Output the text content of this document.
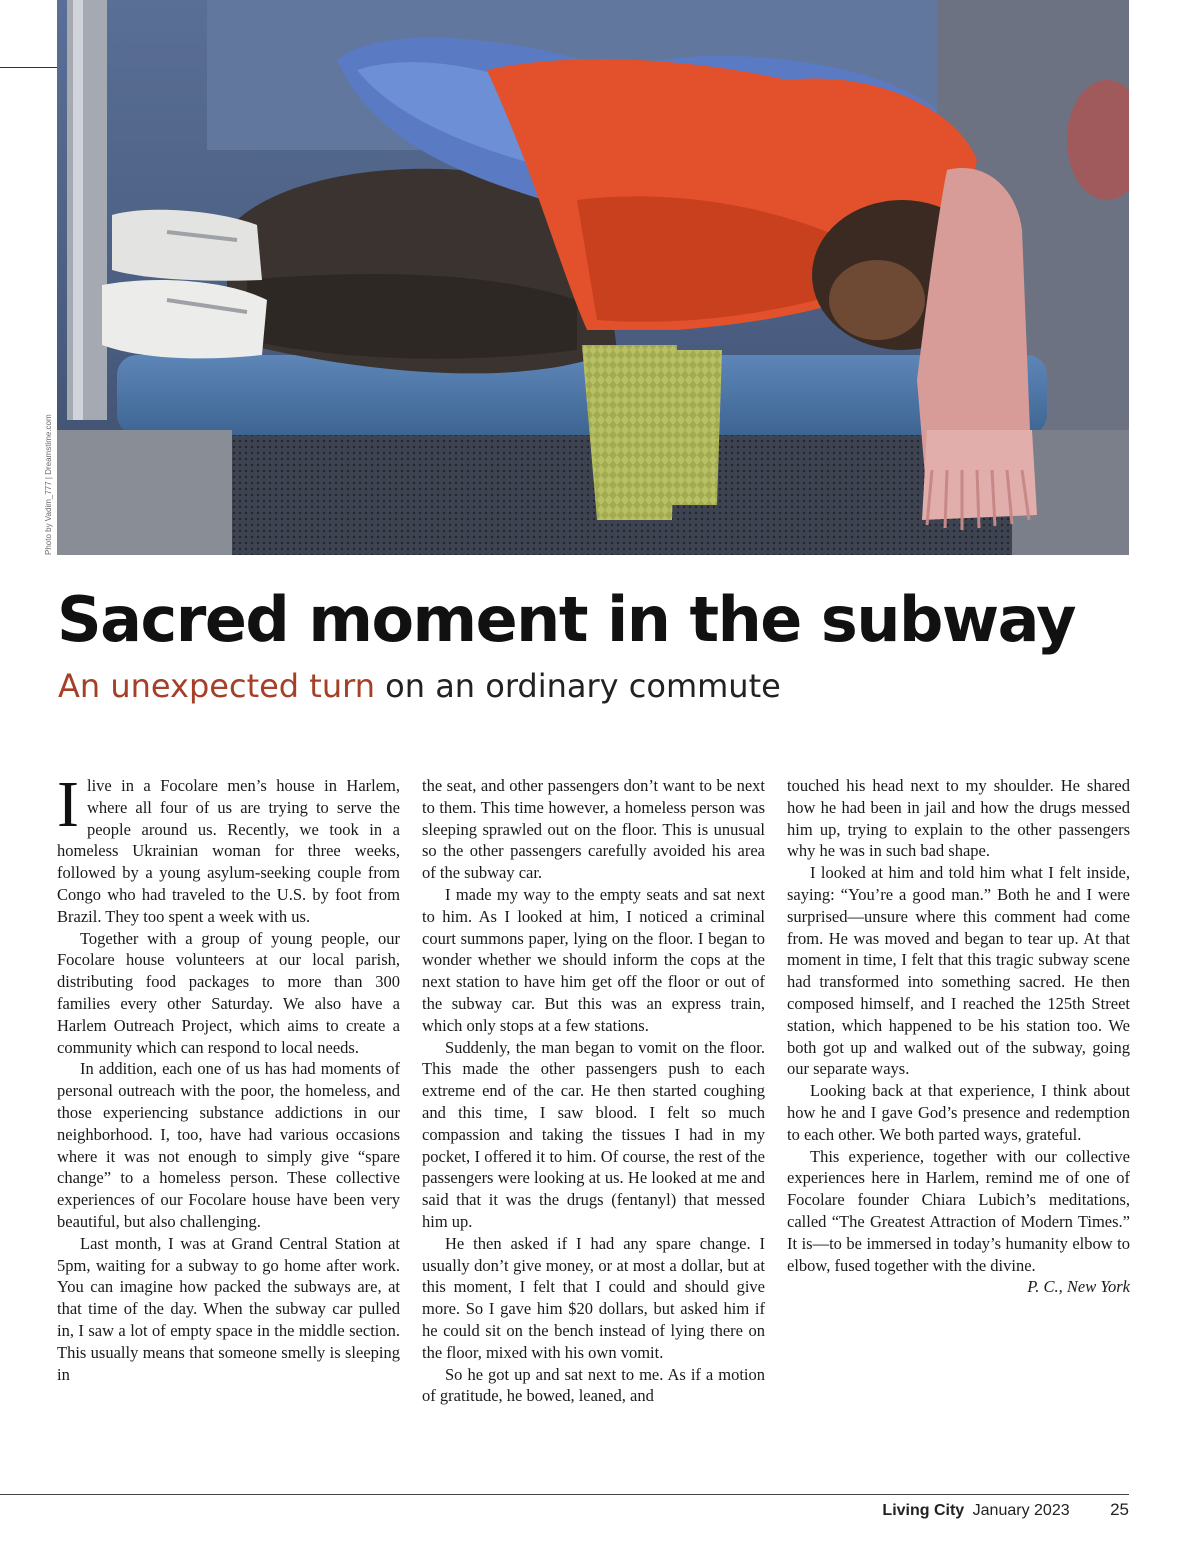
Photo by Vadim_777 | Dreamstime.com
Sacred moment in the subway
An unexpected turn on an ordinary commute

Ilive in a Focolare men’s house in Harlem, where all four of us are trying to serve the people around us. Recently, we took in a homeless Ukrainian woman for three weeks, followed by a young asylum-seeking couple from Congo who had traveled to the U.S. by foot from Brazil. They too spent a week with us.

Together with a group of young people, our Focolare house volunteers at our local parish, distributing food packages to more than 300 families every other Saturday. We also have a Harlem Outreach Project, which aims to create a community which can respond to local needs.

In addition, each one of us has had moments of personal outreach with the poor, the homeless, and those experiencing substance addictions in our neighborhood. I, too, have had various occasions where it was not enough to simply give “spare change” to a homeless person. These collective experiences of our Focolare house have been very beautiful, but also challenging.

Last month, I was at Grand Central Station at 5pm, waiting for a subway to go home after work. You can imagine how packed the subways are, at that time of the day. When the subway car pulled in, I saw a lot of empty space in the middle section. This usually means that someone smelly is sleeping in

the seat, and other passengers don’t want to be next to them. This time however, a homeless person was sleeping sprawled out on the floor. This is unusual so the other passengers carefully avoided his area of the subway car.

I made my way to the empty seats and sat next to him. As I looked at him, I noticed a criminal court summons paper, lying on the floor. I began to wonder whether we should inform the cops at the next station to have him get off the floor or out of the subway car. But this was an express train, which only stops at a few stations.

Suddenly, the man began to vomit on the floor. This made the other passengers push to each extreme end of the car. He then started coughing and this time, I saw blood. I felt so much compassion and taking the tissues I had in my pocket, I offered it to him. Of course, the rest of the passengers were looking at us. He looked at me and said that it was the drugs (fentanyl) that messed him up.

He then asked if I had any spare change. I usually don’t give money, or at most a dollar, but at this moment, I felt that I could and should give more. So I gave him $20 dollars, but asked him if he could sit on the bench instead of lying there on the floor, mixed with his own vomit.

So he got up and sat next to me. As if a motion of gratitude, he bowed, leaned, and

touched his head next to my shoulder. He shared how he had been in jail and how the drugs messed him up, trying to explain to the other passengers why he was in such bad shape.

I looked at him and told him what I felt inside, saying: “You’re a good man.” Both he and I were surprised—unsure where this comment had come from. He was moved and began to tear up. At that moment in time, I felt that this tragic subway scene had transformed into something sacred. He then composed himself, and I reached the 125th Street station, which happened to be his station too. We both got up and walked out of the subway, going our separate ways.

Looking back at that experience, I think about how he and I gave God’s presence and redemption to each other. We both parted ways, grateful.

This experience, together with our collective experiences here in Harlem, remind me of one of Focolare founder Chiara Lubich’s meditations, called “The Greatest Attraction of Modern Times.” It is—to be immersed in today’s humanity elbow to elbow, fused together with the divine.

P. C., New York

Living City January 2023 25
